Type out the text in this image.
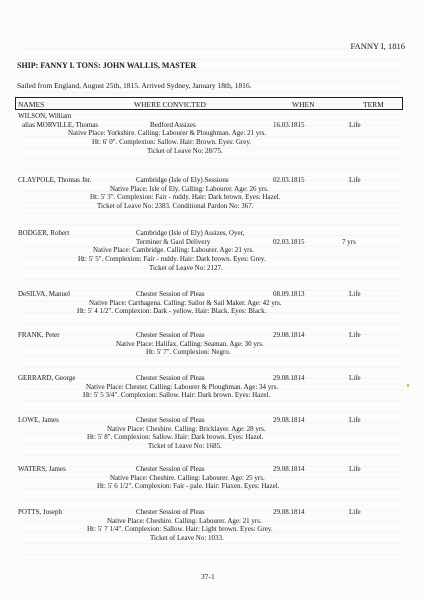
FANNY I, 1816
SHIP: FANNY I. TONS: JOHN WALLIS, MASTER
Sailed from England, August 25th, 1815. Arrived Sydney, January 18th, 1816.
NAMES	WHERE CONVICTED	WHEN	TERM
WILSON, William
alias MORVILLE, Thomas	Bedford Assizes	16.03.1815	Life
Native Place: Yorkshire. Calling: Labourer & Ploughman. Age: 21 yrs.
Ht: 6' 0". Complexion: Sallow. Hair: Brown. Eyes: Grey.
Ticket of Leave No: 28/75.
CLAYPOLE, Thomas Jnr.	Cambridge (Isle of Ely) Sessions	02.03.1815	Life
Native Place: Isle of Ely. Calling: Labourer. Age: 26 yrs.
Ht: 5' 3". Complexion: Fair - ruddy. Hair: Dark brown. Eyes: Hazel.
Ticket of Leave No: 2383. Conditional Pardon No: 367.
BODGER, Robert	Cambridge (Isle of Ely) Assizes, Oyer,
Terminer & Gaol Delivery	02.03.1815	7 yrs
Native Place: Cambridge. Calling: Labourer. Age: 21 yrs.
Ht: 5' 5". Complexion: Fair - ruddy. Hair: Dark brown. Eyes: Grey.
Ticket of Leave No: 2127.
DeSILVA, Manuel	Chester Session of Pleas	08.09.1813	Life
Native Place: Carthagena. Calling: Sailor & Sail Maker. Age: 42 yrs.
Ht: 5' 4 1/2". Complexion: Dark - yellow. Hair: Black. Eyes: Black.
FRANK, Peter	Chester Session of Pleas	29.08.1814	Life
Native Place: Halifax. Calling: Seaman. Age: 30 yrs.
Ht: 5' 7". Complexion: Negro.
GERRARD, George	Chester Session of Pleas	29.08.1814	Life
Native Place: Chester. Calling: Labourer & Ploughman. Age: 34 yrs.
Ht: 5' 5 3/4". Complexion: Sallow. Hair: Dark brown. Eyes: Hazel.
LOWE, James	Chester Session of Pleas	29.08.1814	Life
Native Place: Cheshire. Calling: Bricklayer. Age: 28 yrs.
Ht: 5' 8". Complexion: Sallow. Hair: Dark brown. Eyes: Hazel.
Ticket of Leave No: 1685.
WATERS, James	Chester Session of Pleas	29.08.1814	Life
Native Place: Cheshire. Calling: Labourer. Age: 25 yrs.
Ht: 5' 6 1/2". Complexion: Fair - pale. Hair: Flaxen. Eyes: Hazel.
POTTS, Joseph	Chester Session of Pleas	29.08.1814	Life
Native Place: Cheshire. Calling: Labourer. Age: 21 yrs.
Ht: 5' 7 1/4". Complexion: Sallow. Hair: Light brown. Eyes: Grey.
Ticket of Leave No: 1033.
37-1
